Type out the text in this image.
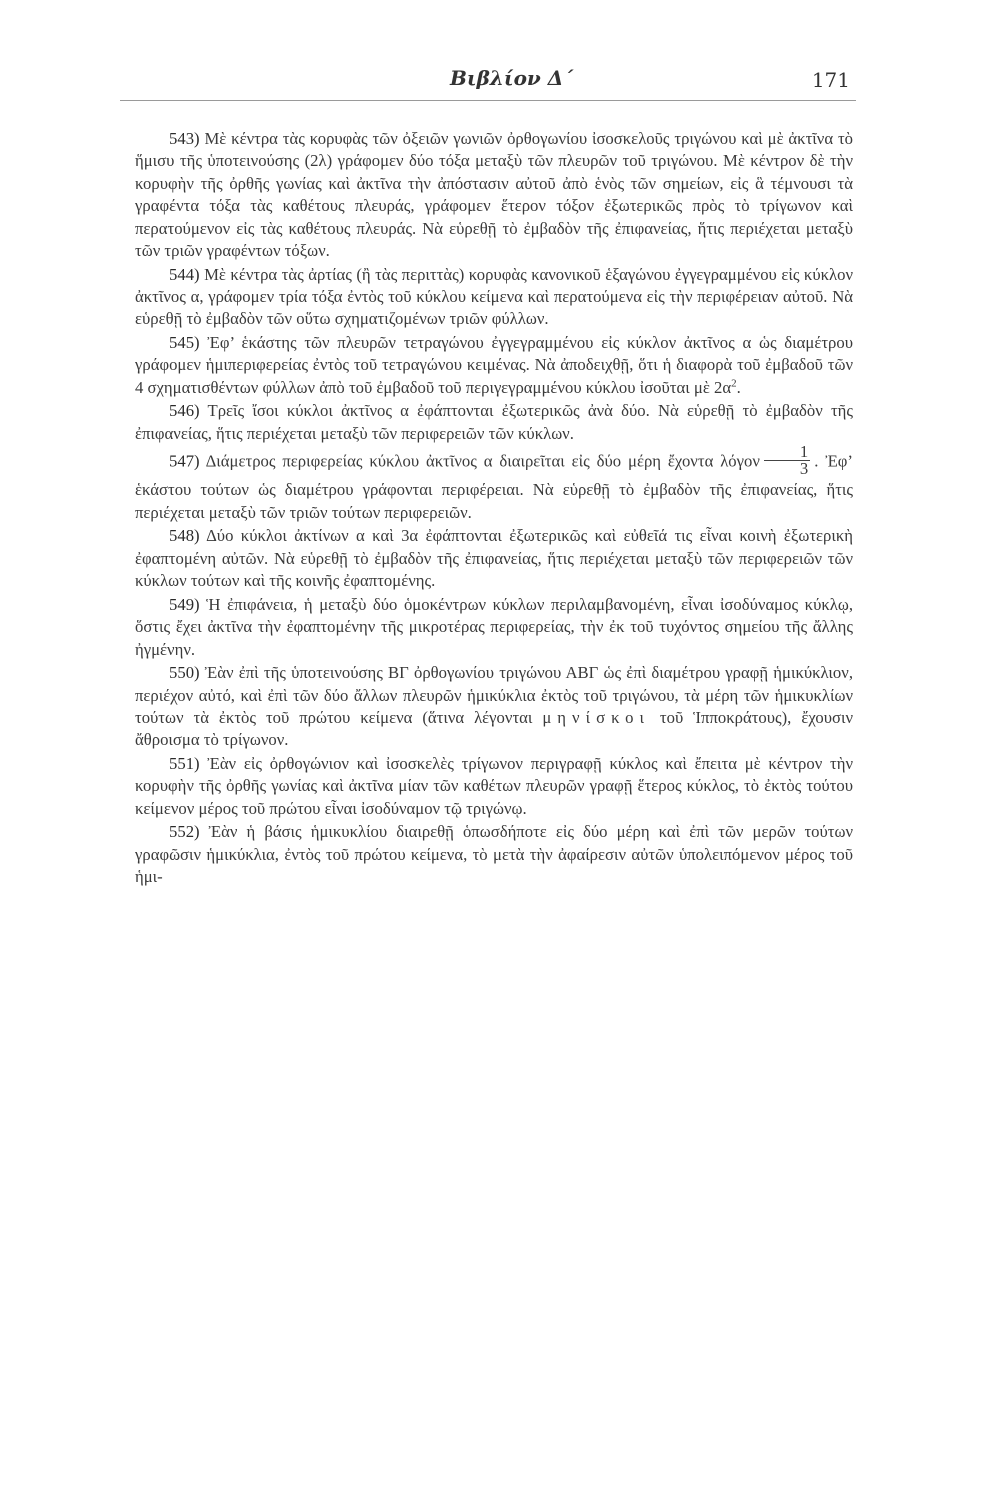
Βιβλίον Δ΄	171

543) Μὲ κέντρα τὰς κορυφὰς τῶν ὀξειῶν γωνιῶν ὀρθογωνίου ἰσοσκελοῦς τριγώνου καὶ μὲ ἀκτῖνα τὸ ἥμισυ τῆς ὑποτεινούσης (2λ) γράφομεν δύο τόξα μεταξὺ τῶν πλευρῶν τοῦ τριγώνου. Μὲ κέντρον δὲ τὴν κορυφὴν τῆς ὀρθῆς γωνίας καὶ ἀκτῖνα τὴν ἀπόστασιν αὐτοῦ ἀπὸ ἑνὸς τῶν σημείων, εἰς ἃ τέμνουσι τὰ γραφέντα τόξα τὰς καθέτους πλευράς, γράφομεν ἕτερον τόξον ἐξωτερικῶς πρὸς τὸ τρίγωνον καὶ περατούμενον εἰς τὰς καθέτους πλευράς. Νὰ εὑρεθῇ τὸ ἐμβαδὸν τῆς ἐπιφανείας, ἥτις περιέχεται μεταξὺ τῶν τριῶν γραφέντων τόξων.

544) Μὲ κέντρα τὰς ἀρτίας (ἢ τὰς περιττὰς) κορυφὰς κανονικοῦ ἑξαγώνου ἐγγεγραμμένου εἰς κύκλον ἀκτῖνος α, γράφομεν τρία τόξα ἐντὸς τοῦ κύκλου κείμενα καὶ περατούμενα εἰς τὴν περιφέρειαν αὐτοῦ. Νὰ εὑρεθῇ τὸ ἐμβαδὸν τῶν οὕτω σχηματιζομένων τριῶν φύλλων.

545) Ἐφ’ ἑκάστης τῶν πλευρῶν τετραγώνου ἐγγεγραμμένου εἰς κύκλον ἀκτῖνος α ὡς διαμέτρου γράφομεν ἡμιπεριφερείας ἐντὸς τοῦ τετραγώνου κειμένας. Νὰ ἀποδειχθῇ, ὅτι ἡ διαφορὰ τοῦ ἐμβαδοῦ τῶν 4 σχηματισθέντων φύλλων ἀπὸ τοῦ ἐμβαδοῦ τοῦ περιγεγραμμένου κύκλου ἰσοῦται μὲ $2\alpha^2$.

546) Τρεῖς ἴσοι κύκλοι ἀκτῖνος α ἐφάπτονται ἐξωτερικῶς ἀνὰ δύο. Νὰ εὑρεθῇ τὸ ἐμβαδὸν τῆς ἐπιφανείας, ἥτις περιέχεται μεταξὺ τῶν περιφερειῶν τῶν κύκλων.

547) Διάμετρος περιφερείας κύκλου ἀκτῖνος α διαιρεῖται εἰς δύο μέρη ἔχοντα λόγον $\frac{1}{3}$ . Ἐφ’ ἑκάστου τούτων ὡς διαμέτρου γράφονται περιφέρειαι. Νὰ εὑρεθῇ τὸ ἐμβαδὸν τῆς ἐπιφανείας, ἥτις περιέχεται μεταξὺ τῶν τριῶν τούτων περιφερειῶν.

548) Δύο κύκλοι ἀκτίνων α καὶ 3α ἐφάπτονται ἐξωτερικῶς καὶ εὐθεῖά τις εἶναι κοινὴ ἐξωτερικὴ ἐφαπτομένη αὐτῶν. Νὰ εὑρεθῇ τὸ ἐμβαδὸν τῆς ἐπιφανείας, ἥτις περιέχεται μεταξὺ τῶν περιφερειῶν τῶν κύκλων τούτων καὶ τῆς κοινῆς ἐφαπτομένης.

549) Ἡ ἐπιφάνεια, ἡ μεταξὺ δύο ὁμοκέντρων κύκλων περιλαμβανομένη, εἶναι ἰσοδύναμος κύκλῳ, ὅστις ἔχει ἀκτῖνα τὴν ἐφαπτομένην τῆς μικροτέρας περιφερείας, τὴν ἐκ τοῦ τυχόντος σημείου τῆς ἄλλης ἠγμένην.

550) Ἐὰν ἐπὶ τῆς ὑποτεινούσης ΒΓ ὀρθογωνίου τριγώνου ΑΒΓ ὡς ἐπὶ διαμέτρου γραφῇ ἡμικύκλιον, περιέχον αὐτό, καὶ ἐπὶ τῶν δύο ἄλλων πλευρῶν ἡμικύκλια ἐκτὸς τοῦ τριγώνου, τὰ μέρη τῶν ἡμικυκλίων τούτων τὰ ἐκτὸς τοῦ πρώτου κείμενα (ἅτινα λέγονται μηνίσκοι τοῦ Ἱπποκράτους), ἔχουσιν ἄθροισμα τὸ τρίγωνον.

551) Ἐὰν εἰς ὀρθογώνιον καὶ ἰσοσκελὲς τρίγωνον περιγραφῇ κύκλος καὶ ἔπειτα μὲ κέντρον τὴν κορυφὴν τῆς ὀρθῆς γωνίας καὶ ἀκτῖνα μίαν τῶν καθέτων πλευρῶν γραφῇ ἕτερος κύκλος, τὸ ἐκτὸς τούτου κείμενον μέρος τοῦ πρώτου εἶναι ἰσοδύναμον τῷ τριγώνῳ.

552) Ἐὰν ἡ βάσις ἡμικυκλίου διαιρεθῇ ὁπωσδήποτε εἰς δύο μέρη καὶ ἐπὶ τῶν μερῶν τούτων γραφῶσιν ἡμικύκλια, ἐντὸς τοῦ πρώτου κείμενα, τὸ μετὰ τὴν ἀφαίρεσιν αὐτῶν ὑπολειπόμενον μέρος τοῦ ἡμι-
